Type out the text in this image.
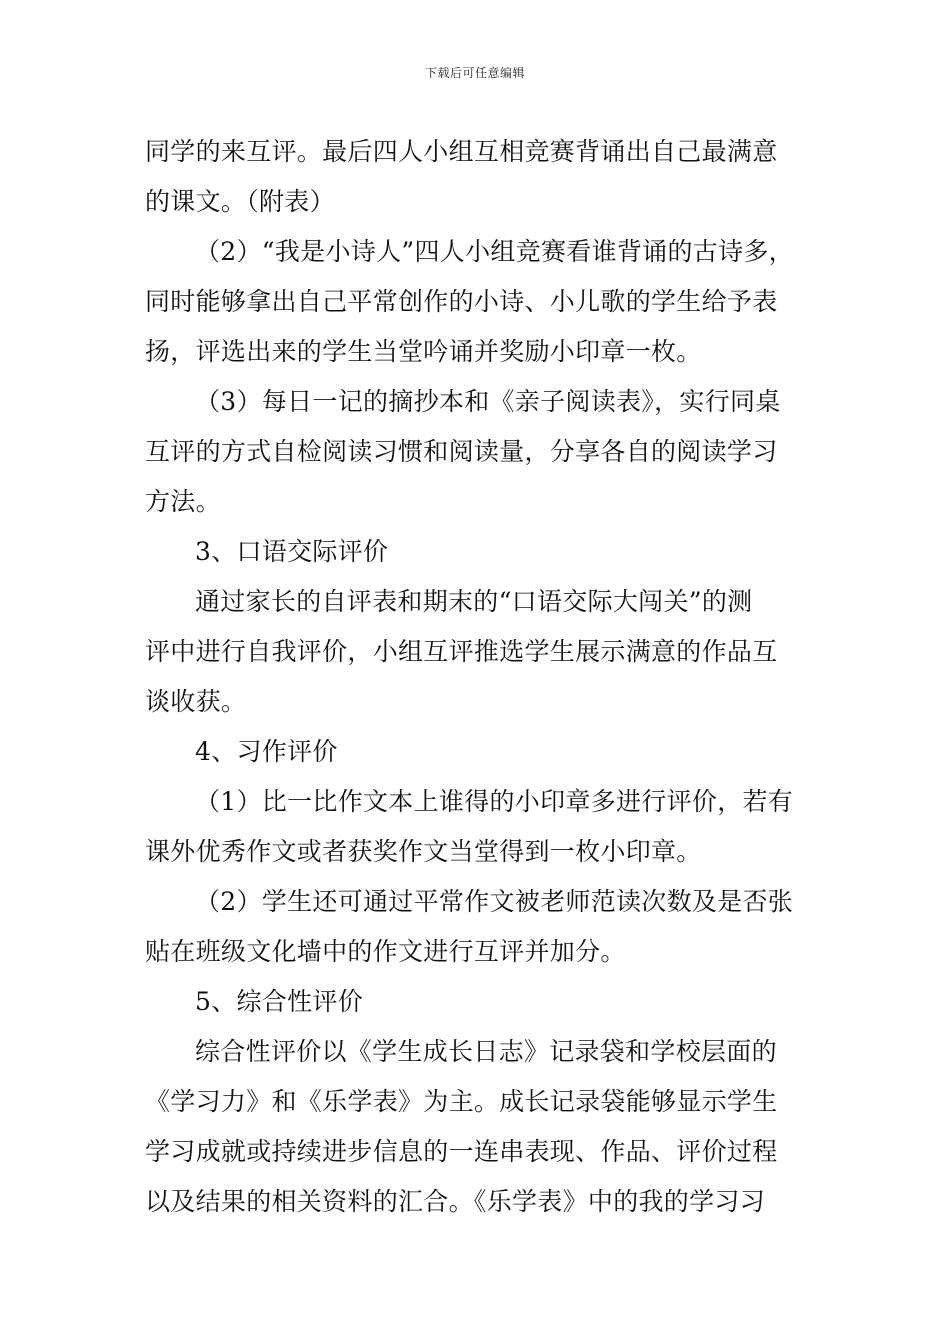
下载后可任意编辑
同学的来互评。最后四人小组互相竞赛背诵出自己最满意
的课文。（附表）
（2）“我是小诗人”四人小组竞赛看谁背诵的古诗多，
同时能够拿出自己平常创作的小诗、小儿歌的学生给予表
扬，评选出来的学生当堂吟诵并奖励小印章一枚。
（3）每日一记的摘抄本和《亲子阅读表》，实行同桌
互评的方式自检阅读习惯和阅读量，分享各自的阅读学习
方法。
3、口语交际评价
通过家长的自评表和期末的“口语交际大闯关”的测
评中进行自我评价，小组互评推选学生展示满意的作品互
谈收获。
4、习作评价
（1）比一比作文本上谁得的小印章多进行评价，若有
课外优秀作文或者获奖作文当堂得到一枚小印章。
（2）学生还可通过平常作文被老师范读次数及是否张
贴在班级文化墙中的作文进行互评并加分。
5、综合性评价
综合性评价以《学生成长日志》记录袋和学校层面的
《学习力》和《乐学表》为主。成长记录袋能够显示学生
学习成就或持续进步信息的一连串表现、作品、评价过程
以及结果的相关资料的汇合。《乐学表》中的我的学习习
